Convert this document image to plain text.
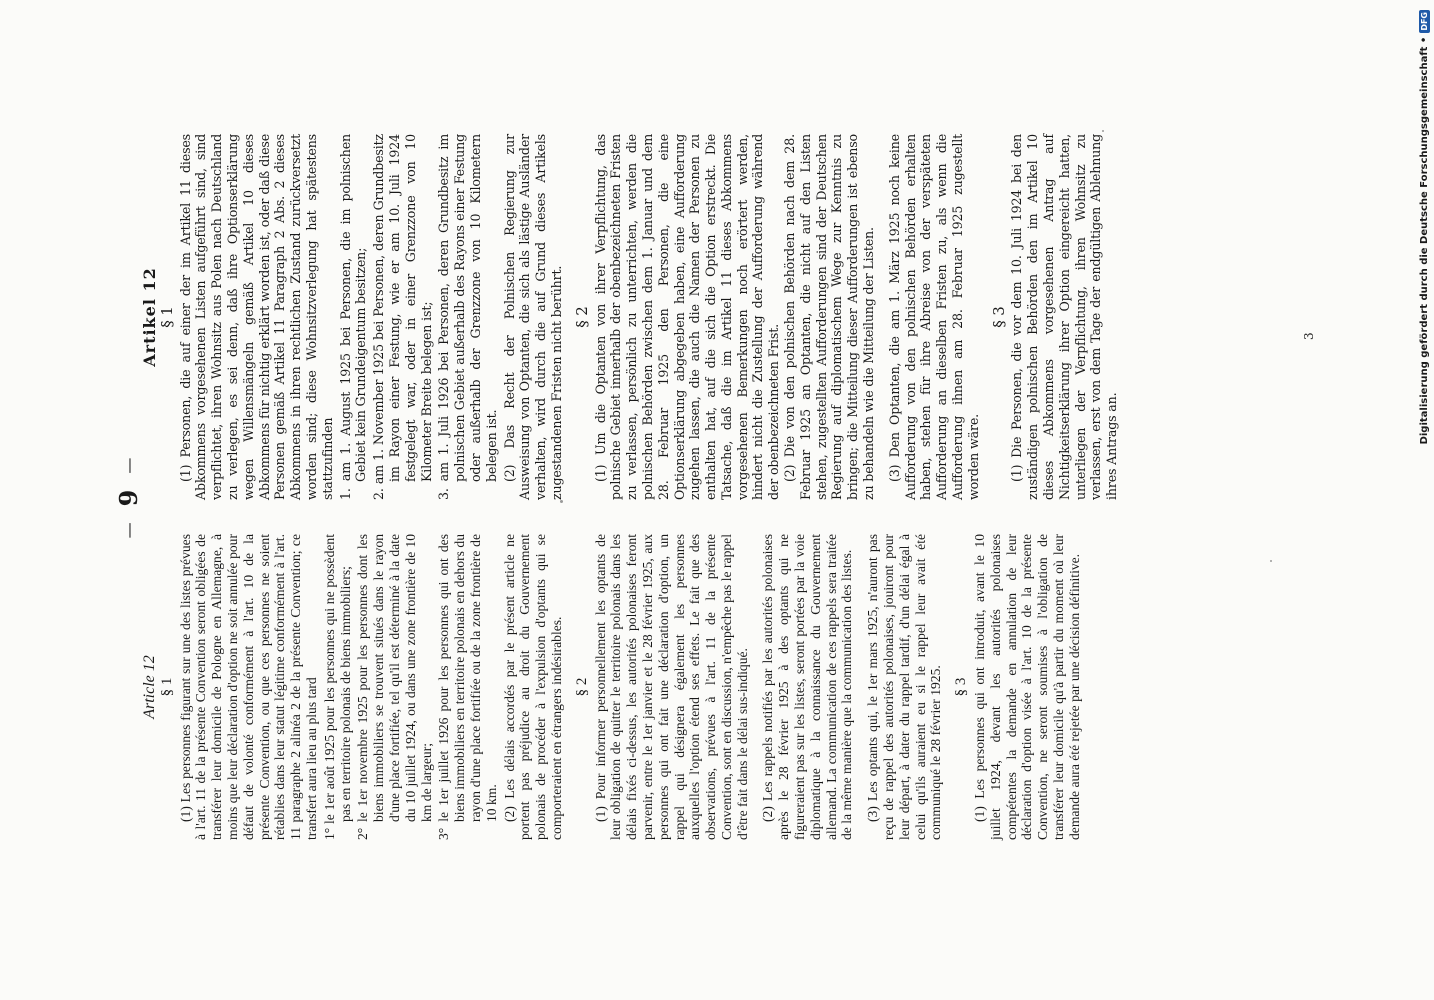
—
9
—
Article 12 § 1 (1) Les personnes figurant sur une des listes prévues à l'art. 11 de la présente Convention seront obligées de transférer leur domicile de Pologne en Allemagne, à moins que leur déclaration d'option ne soit annulée pour défaut de volonté conformément à l'art. 10 de la présente Convention, ou que ces personnes ne soient rétablies dans leur statut légitime conformément à l'art. 11 paragraphe 2 alinéa 2 de la présente Convention; ce transfert aura lieu au plus tard 1° le 1er août 1925 pour les personnes qui ne possèdent pas en territoire polonais de biens immobiliers; 2° le 1er novembre 1925 pour les personnes dont les biens immobiliers se trouvent situés dans le rayon d'une place fortifiée, tel qu'il est déterminé à la date du 10 juillet 1924, ou dans une zone frontière de 10 km de largeur; 3° le 1er juillet 1926 pour les personnes qui ont des biens immobiliers en territoire polonais en dehors du rayon d'une place fortifiée ou de la zone frontière de 10 km. (2) Les délais accordés par le présent article ne portent pas préjudice au droit du Gouvernement polonais de procéder à l'expulsion d'optants qui se comporteraient en étrangers indésirables. § 2 (1) Pour informer personnellement les optants de leur obligation de quitter le territoire polonais dans les délais fixés ci-dessus, les autorités polonaises feront parvenir, entre le 1er janvier et le 28 février 1925, aux personnes qui ont fait une déclaration d'option, un rappel qui désignera également les personnes auxquelles l'option étend ses effets. Le fait que des observations, prévues à l'art. 11 de la présente Convention, sont en discussion, n'empêche pas le rappel d'être fait dans le délai sus-indiqué. (2) Les rappels notifiés par les autorités polonaises après le 28 février 1925 à des optants qui ne figureraient pas sur les listes, seront portées par la voie diplomatique à la connaissance du Gouvernement allemand. La communication de ces rappels sera traitée de la même manière que la communication des listes. (3) Les optants qui, le 1er mars 1925, n'auront pas reçu de rappel des autorités polonaises, jouiront pour leur départ, à dater du rappel tardif, d'un délai égal à celui qu'ils auraient eu si le rappel leur avait été communiqué le 28 février 1925. § 3 (1) Les personnes qui ont introduit, avant le 10 juillet 1924, devant les autorités polonaises compétentes la demande en annulation de leur déclaration d'option visée à l'art. 10 de la présente Convention, ne seront soumises à l'obligation de transférer leur domicile qu'à partir du moment où leur demande aura été rejetée par une décision définitive.

Artikel 12
§ 1 (1) Personen, die auf einer der im Artikel 11 dieses Abkommens vorgesehenen Listen aufgeführt sind, sind verpflichtet, ihren Wohnsitz aus Polen nach Deutschland zu verlegen, es sei denn, daß ihre Optionserklärung wegen Willensmängeln gemäß Artikel 10 dieses Abkommens für nichtig erklärt worden ist, oder daß diese Personen gemäß Artikel 11 Paragraph 2 Abs. 2 dieses Abkommens in ihren rechtlichen Zustand zurückversetzt worden sind; diese Wohnsitzverlegung hat spätestens stattzufinden 1. am 1. August 1925 bei Personen, die im polnischen Gebiet kein Grundeigentum besitzen; 2. am 1. November 1925 bei Personen, deren Grundbesitz im Rayon einer Festung, wie er am 10. Juli 1924 festgelegt war, oder in einer Grenzzone von 10 Kilometer Breite belegen ist; 3. am 1. Juli 1926 bei Personen, deren Grundbesitz im polnischen Gebiet außerhalb des Rayons einer Festung oder außerhalb der Grenzzone von 10 Kilometern belegen ist. (2) Das Recht der Polnischen Regierung zur Ausweisung von Optanten, die sich als lästige Ausländer verhalten, wird durch die auf Grund dieses Artikels zugestandenen Fristen nicht berührt. § 2 (1) Um die Optanten von ihrer Verpflichtung, das polnische Gebiet innerhalb der obenbezeichneten Fristen zu verlassen, persönlich zu unterrichten, werden die polnischen Behörden zwischen dem 1. Januar und dem 28. Februar 1925 den Personen, die eine Optionserklärung abgegeben haben, eine Aufforderung zugehen lassen, die auch die Namen der Personen zu enthalten hat, auf die sich die Option erstreckt. Die Tatsache, daß die im Artikel 11 dieses Abkommens vorgesehenen Bemerkungen noch erörtert werden, hindert nicht die Zustellung der Aufforderung während der obenbezeichneten Frist. (2) Die von den polnischen Behörden nach dem 28. Februar 1925 an Optanten, die nicht auf den Listen stehen, zugestellten Aufforderungen sind der Deutschen Regierung auf diplomatischem Wege zur Kenntnis zu bringen; die Mitteilung dieser Aufforderungen ist ebenso zu behandeln wie die Mitteilung der Listen. (3) Den Optanten, die am 1. März 1925 noch keine Aufforderung von den polnischen Behörden erhalten haben, stehen für ihre Abreise von der verspäteten Aufforderung an dieselben Fristen zu, als wenn die Aufforderung ihnen am 28. Februar 1925 zugestellt worden wäre.

§ 3 (1) Die Personen, die vor dem 10. Juli 1924 bei den zuständigen polnischen Behörden den im Artikel 10 dieses Abkommens vorgesehenen Antrag auf Nichtigkeitserklärung ihrer Option eingereicht hatten, unterliegen der Verpflichtung, ihren Wohnsitz zu verlassen, erst von dem Tage der endgültigen Ablehnung ihres Antrags an.

3	Digitalisierung gefördert durch die Deutsche Forschungsgemeinschaft •
DFG
